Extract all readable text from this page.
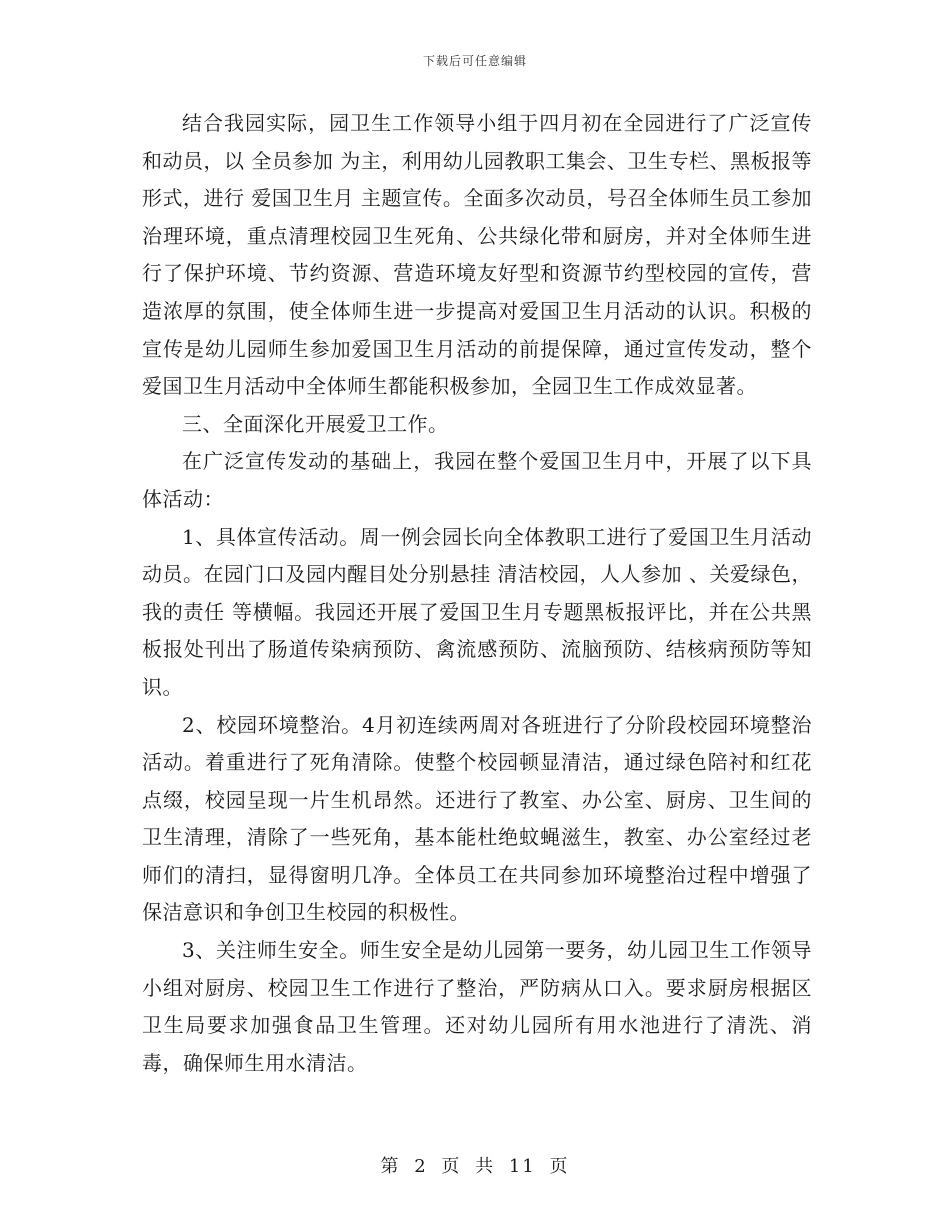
下载后可任意编辑

结合我园实际，园卫生工作领导小组于四月初在全园进行了广泛宣传和动员，以 全员参加 为主，利用幼儿园教职工集会、卫生专栏、黑板报等形式，进行 爱国卫生月 主题宣传。全面多次动员，号召全体师生员工参加治理环境，重点清理校园卫生死角、公共绿化带和厨房，并对全体师生进行了保护环境、节约资源、营造环境友好型和资源节约型校园的宣传，营造浓厚的氛围，使全体师生进一步提高对爱国卫生月活动的认识。积极的宣传是幼儿园师生参加爱国卫生月活动的前提保障，通过宣传发动，整个爱国卫生月活动中全体师生都能积极参加，全园卫生工作成效显著。

三、全面深化开展爱卫工作。

在广泛宣传发动的基础上，我园在整个爱国卫生月中，开展了以下具体活动：

1、具体宣传活动。周一例会园长向全体教职工进行了爱国卫生月活动动员。在园门口及园内醒目处分别悬挂 清洁校园，人人参加 、关爱绿色，我的责任 等横幅。我园还开展了爱国卫生月专题黑板报评比，并在公共黑板报处刊出了肠道传染病预防、禽流感预防、流脑预防、结核病预防等知识。

2、校园环境整治。4月初连续两周对各班进行了分阶段校园环境整治活动。着重进行了死角清除。使整个校园顿显清洁，通过绿色陪衬和红花点缀，校园呈现一片生机昂然。还进行了教室、办公室、厨房、卫生间的卫生清理，清除了一些死角，基本能杜绝蚊蝇滋生，教室、办公室经过老师们的清扫，显得窗明几净。全体员工在共同参加环境整治过程中增强了保洁意识和争创卫生校园的积极性。

3、关注师生安全。师生安全是幼儿园第一要务，幼儿园卫生工作领导小组对厨房、校园卫生工作进行了整治，严防病从口入。要求厨房根据区卫生局要求加强食品卫生管理。还对幼儿园所有用水池进行了清洗、消毒，确保师生用水清洁。

第 2 页 共 11 页
